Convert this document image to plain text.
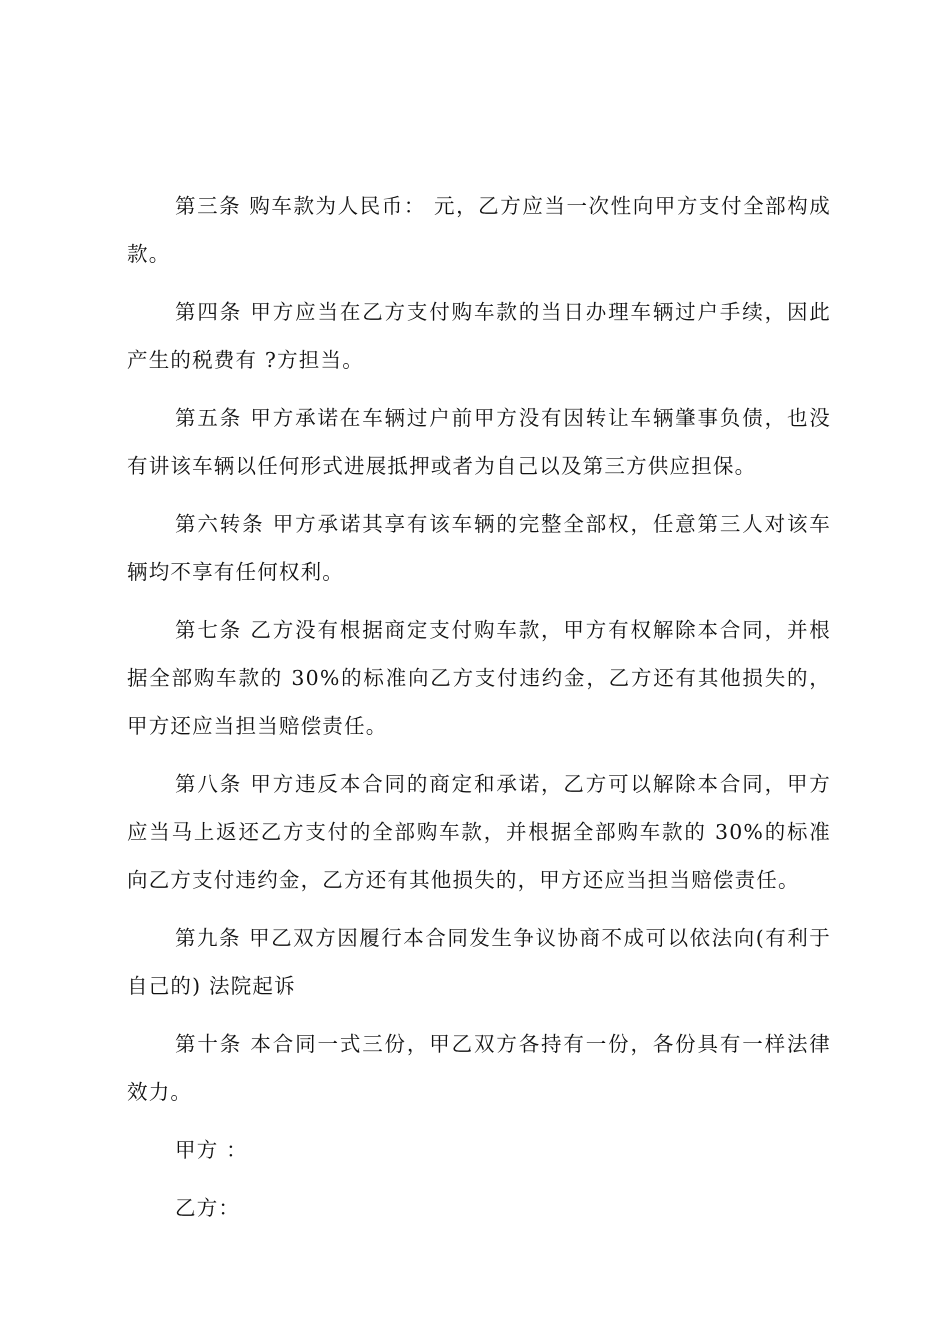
第三条 购车款为人民币： 元，乙方应当一次性向甲方支付全部构成款。

第四条 甲方应当在乙方支付购车款的当日办理车辆过户手续，因此产生的税费有 ?方担当。

第五条 甲方承诺在车辆过户前甲方没有因转让车辆肇事负债，也没有讲该车辆以任何形式进展抵押或者为自己以及第三方供应担保。

第六转条 甲方承诺其享有该车辆的完整全部权，任意第三人对该车辆均不享有任何权利。

第七条 乙方没有根据商定支付购车款，甲方有权解除本合同，并根据全部购车款的 30%的标准向乙方支付违约金，乙方还有其他损失的，甲方还应当担当赔偿责任。

第八条 甲方违反本合同的商定和承诺，乙方可以解除本合同，甲方应当马上返还乙方支付的全部购车款，并根据全部购车款的 30%的标准向乙方支付违约金，乙方还有其他损失的，甲方还应当担当赔偿责任。

第九条 甲乙双方因履行本合同发生争议协商不成可以依法向(有利于自己的) 法院起诉

第十条 本合同一式三份，甲乙双方各持有一份，各份具有一样法律效力。

甲方 ：

乙方：
